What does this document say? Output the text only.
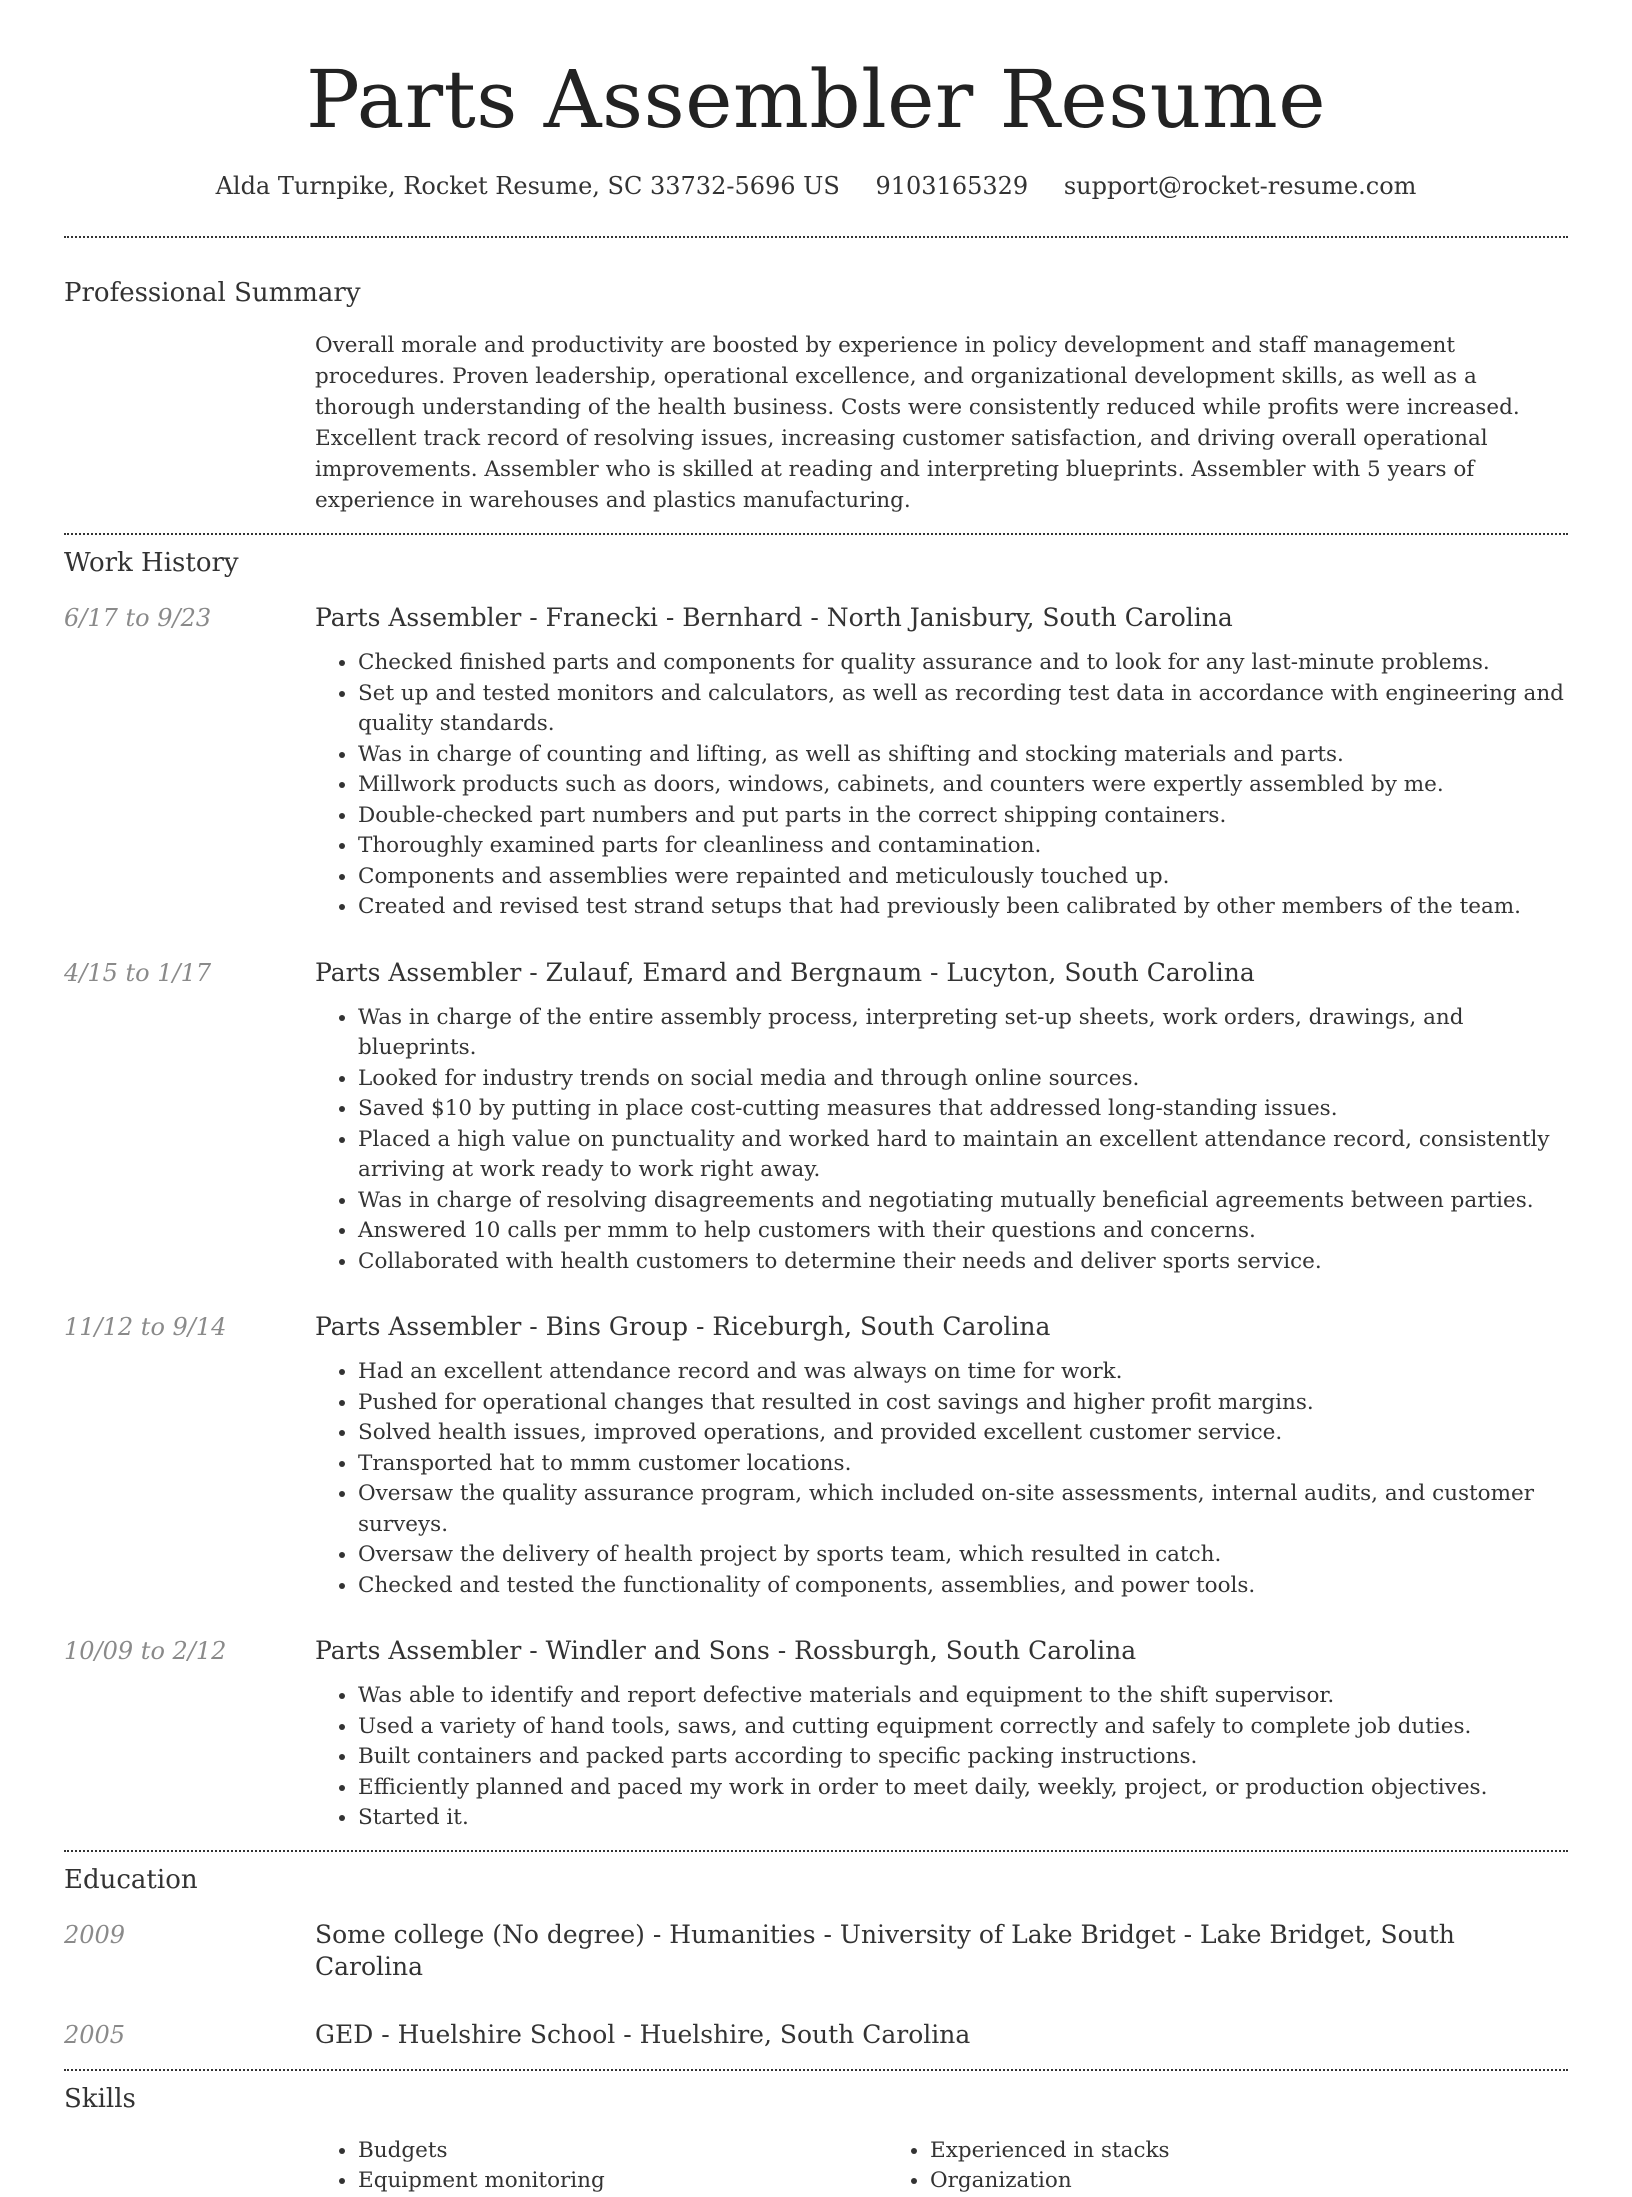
Parts Assembler Resume
Alda Turnpike, Rocket Resume, SC 33732-5696 US 9103165329 support@rocket-resume.com
Professional Summary

Overall morale and productivity are boosted by experience in policy development and staff management procedures. Proven leadership, operational excellence, and organizational development skills, as well as a thorough understanding of the health business. Costs were consistently reduced while profits were increased. Excellent track record of resolving issues, increasing customer satisfaction, and driving overall operational improvements. Assembler who is skilled at reading and interpreting blueprints. Assembler with 5 years of experience in warehouses and plastics manufacturing.

Work History
6/17 to 9/23	Parts Assembler - Franecki - Bernhard - North Janisbury, South Carolina
• Checked finished parts and components for quality assurance and to look for any last-minute problems.
• Set up and tested monitors and calculators, as well as recording test data in accordance with engineering and quality standards.
• Was in charge of counting and lifting, as well as shifting and stocking materials and parts.
• Millwork products such as doors, windows, cabinets, and counters were expertly assembled by me.
• Double-checked part numbers and put parts in the correct shipping containers.
• Thoroughly examined parts for cleanliness and contamination.
• Components and assemblies were repainted and meticulously touched up.
• Created and revised test strand setups that had previously been calibrated by other members of the team.
4/15 to 1/17	Parts Assembler - Zulauf, Emard and Bergnaum - Lucyton, South Carolina
• Was in charge of the entire assembly process, interpreting set-up sheets, work orders, drawings, and blueprints.
• Looked for industry trends on social media and through online sources.
• Saved $10 by putting in place cost-cutting measures that addressed long-standing issues.
• Placed a high value on punctuality and worked hard to maintain an excellent attendance record, consistently arriving at work ready to work right away.
• Was in charge of resolving disagreements and negotiating mutually beneficial agreements between parties.
• Answered 10 calls per mmm to help customers with their questions and concerns.
• Collaborated with health customers to determine their needs and deliver sports service.
11/12 to 9/14	Parts Assembler - Bins Group - Riceburgh, South Carolina
• Had an excellent attendance record and was always on time for work.
• Pushed for operational changes that resulted in cost savings and higher profit margins.
• Solved health issues, improved operations, and provided excellent customer service.
• Transported hat to mmm customer locations.
• Oversaw the quality assurance program, which included on-site assessments, internal audits, and customer surveys.
• Oversaw the delivery of health project by sports team, which resulted in catch.
• Checked and tested the functionality of components, assemblies, and power tools.
10/09 to 2/12	Parts Assembler - Windler and Sons - Rossburgh, South Carolina
• Was able to identify and report defective materials and equipment to the shift supervisor.
• Used a variety of hand tools, saws, and cutting equipment correctly and safely to complete job duties.
• Built containers and packed parts according to specific packing instructions.
• Efficiently planned and paced my work in order to meet daily, weekly, project, or production objectives.
• Started it.
Education
2009	Some college (No degree) - Humanities - University of Lake Bridget - Lake Bridget, South Carolina
2005	GED - Huelshire School - Huelshire, South Carolina
Skills
• Budgets
• Equipment monitoring
• Experienced in stacks
• Organization
